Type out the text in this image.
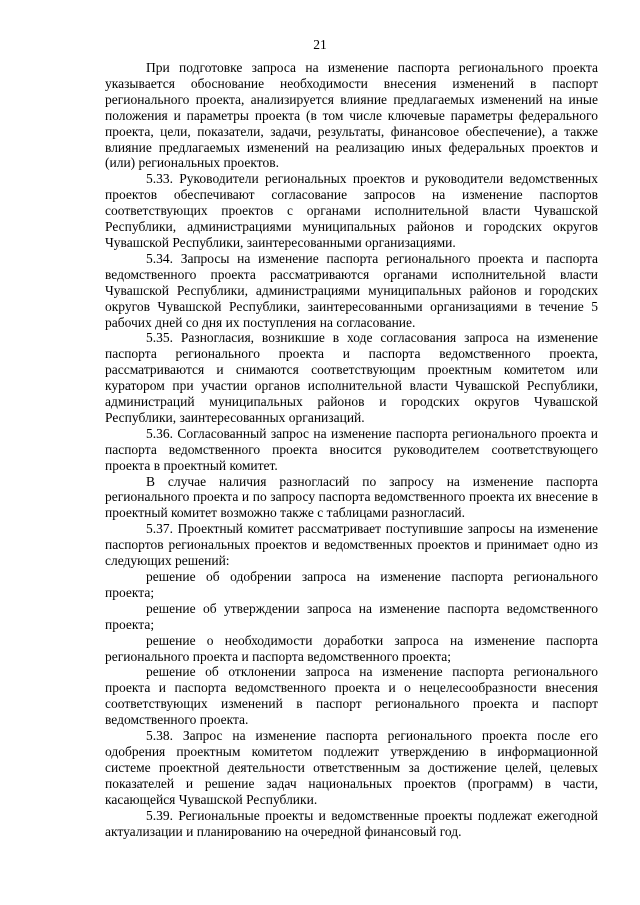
21

При подготовке запроса на изменение паспорта регионального проекта указывается обоснование необходимости внесения изменений в паспорт регионального проекта, анализируется влияние предлагаемых изменений на иные положения и параметры проекта (в том числе ключевые параметры федерального проекта, цели, показатели, задачи, результаты, финансовое обеспечение), а также влияние предлагаемых изменений на реализацию иных федеральных проектов и (или) региональных проектов.

5.33. Руководители региональных проектов и руководители ведомственных проектов обеспечивают согласование запросов на изменение паспортов соответствующих проектов с органами исполнительной власти Чувашской Республики, администрациями муниципальных районов и городских округов Чувашской Республики, заинтересованными организациями.

5.34. Запросы на изменение паспорта регионального проекта и паспорта ведомственного проекта рассматриваются органами исполнительной власти Чувашской Республики, администрациями муниципальных районов и городских округов Чувашской Республики, заинтересованными организациями в течение 5 рабочих дней со дня их поступления на согласование.

5.35. Разногласия, возникшие в ходе согласования запроса на изменение паспорта регионального проекта и паспорта ведомственного проекта, рассматриваются и снимаются соответствующим проектным комитетом или куратором при участии органов исполнительной власти Чувашской Республики, администраций муниципальных районов и городских округов Чувашской Республики, заинтересованных организаций.

5.36. Согласованный запрос на изменение паспорта регионального проекта и паспорта ведомственного проекта вносится руководителем соответствующего проекта в проектный комитет.

В случае наличия разногласий по запросу на изменение паспорта регионального проекта и по запросу паспорта ведомственного проекта их внесение в проектный комитет возможно также с таблицами разногласий.

5.37. Проектный комитет рассматривает поступившие запросы на изменение паспортов региональных проектов и ведомственных проектов и принимает одно из следующих решений:

решение об одобрении запроса на изменение паспорта регионального проекта;

решение об утверждении запроса на изменение паспорта ведомственного проекта;

решение о необходимости доработки запроса на изменение паспорта регионального проекта и паспорта ведомственного проекта;

решение об отклонении запроса на изменение паспорта регионального проекта и паспорта ведомственного проекта и о нецелесообразности внесения соответствующих изменений в паспорт регионального проекта и паспорт ведомственного проекта.

5.38. Запрос на изменение паспорта регионального проекта после его одобрения проектным комитетом подлежит утверждению в информационной системе проектной деятельности ответственным за достижение целей, целевых показателей и решение задач национальных проектов (программ) в части, касающейся Чувашской Республики.

5.39. Региональные проекты и ведомственные проекты подлежат ежегодной актуализации и планированию на очередной финансовый год.
